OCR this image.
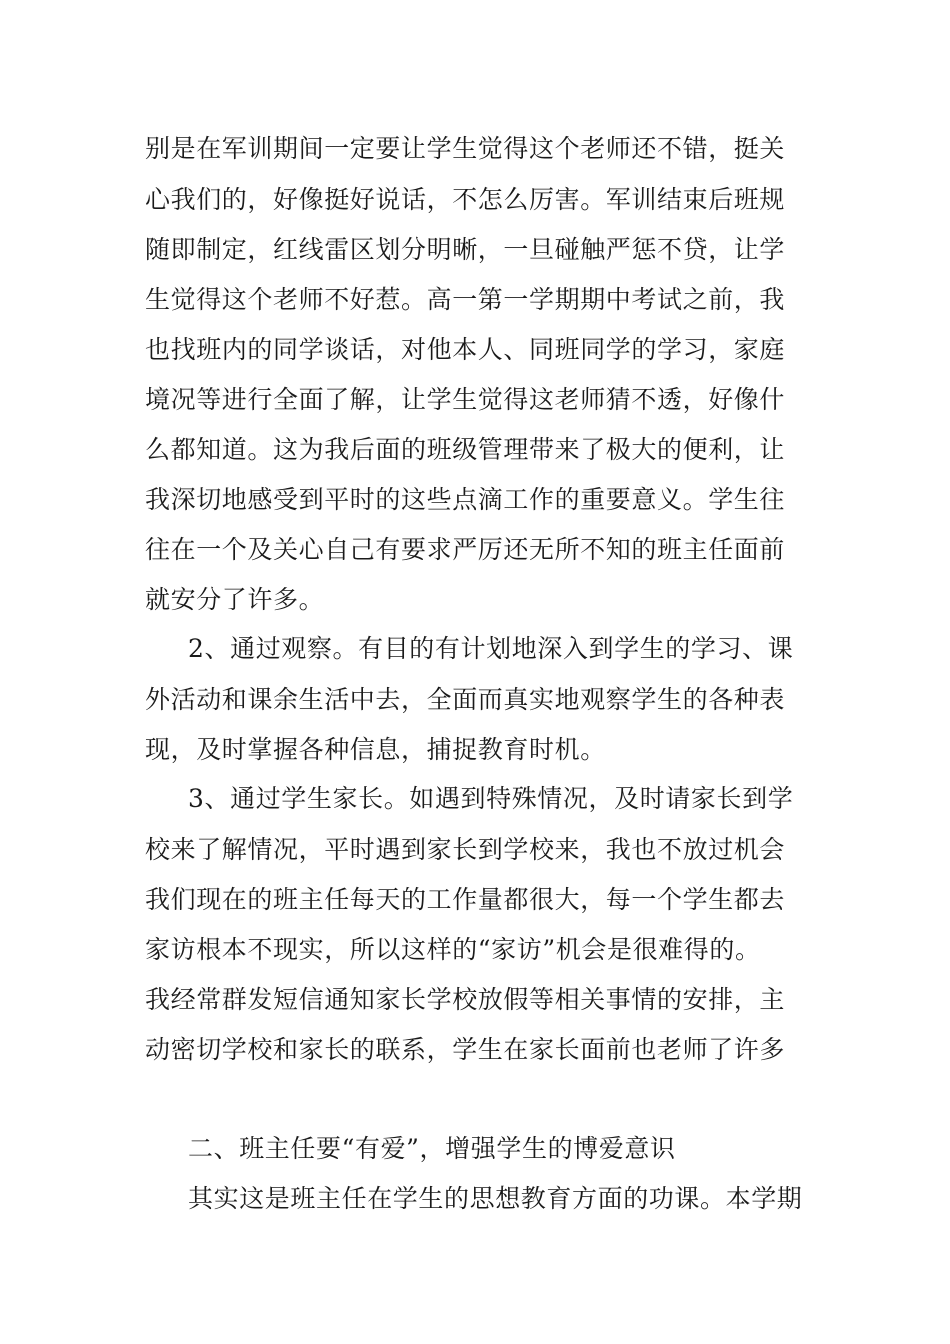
别是在军训期间一定要让学生觉得这个老师还不错，挺关
心我们的，好像挺好说话，不怎么厉害。军训结束后班规
随即制定，红线雷区划分明晰，一旦碰触严惩不贷，让学
生觉得这个老师不好惹。高一第一学期期中考试之前，我
也找班内的同学谈话，对他本人、同班同学的学习，家庭
境况等进行全面了解，让学生觉得这老师猜不透，好像什
么都知道。这为我后面的班级管理带来了极大的便利，让
我深切地感受到平时的这些点滴工作的重要意义。学生往
往在一个及关心自己有要求严厉还无所不知的班主任面前
就安分了许多。
2、通过观察。有目的有计划地深入到学生的学习、课
外活动和课余生活中去，全面而真实地观察学生的各种表
现，及时掌握各种信息，捕捉教育时机。
3、通过学生家长。如遇到特殊情况，及时请家长到学
校来了解情况，平时遇到家长到学校来，我也不放过机会
我们现在的班主任每天的工作量都很大，每一个学生都去
家访根本不现实，所以这样的“家访”机会是很难得的。
我经常群发短信通知家长学校放假等相关事情的安排，主
动密切学校和家长的联系，学生在家长面前也老师了许多
二、班主任要“有爱”，增强学生的博爱意识
其实这是班主任在学生的思想教育方面的功课。本学期
